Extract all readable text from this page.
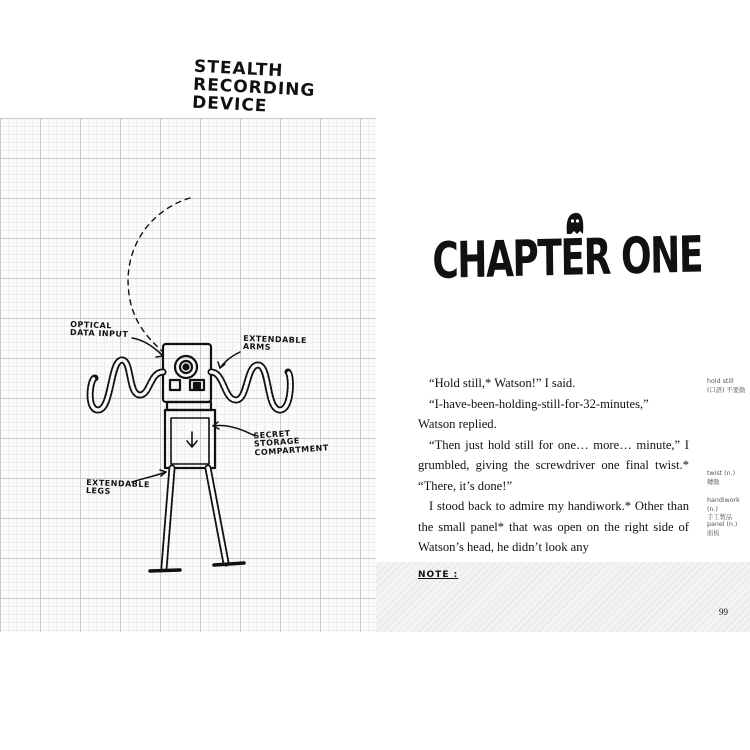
STEALTH RECORDING DEVICE
OPTICAL DATA INPUT
EXTENDABLE ARMS
SECRET STORAGE COMPARTMENT
EXTENDABLE LEGS
CHAPTER ONE

“Hold still,* Watson!” I said.

“I-have-been-holding-still-for-32-minutes,” Watson replied.

“Then just hold still for one… more… minute,” I grumbled, giving the screwdriver one final twist.* “There, it’s done!”

I stood back to admire my handiwork.* Other than the small panel* that was open on the right side of Watson’s head, he didn’t look any

hold still
(口語) 不要動
twist (n.)
轉動
handiwork (n.)
手工製品
panel (n.)
面板
NOTE :
99
